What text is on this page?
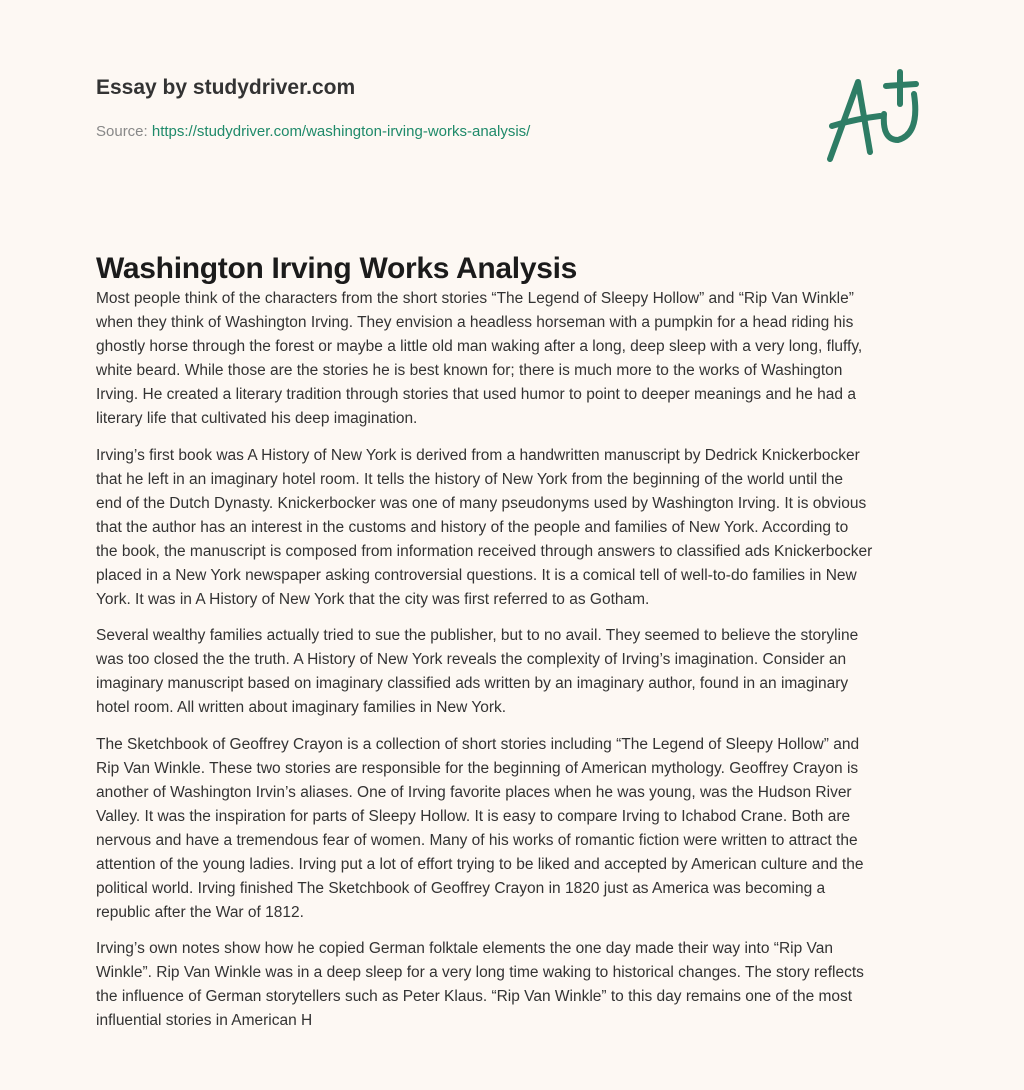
Essay by studydriver.com
Source: https://studydriver.com/washington-irving-works-analysis/
Washington Irving Works Analysis

Most people think of the characters from the short stories “The Legend of Sleepy Hollow” and “Rip Van Winkle”
when they think of Washington Irving. They envision a headless horseman with a pumpkin for a head riding his
ghostly horse through the forest or maybe a little old man waking after a long, deep sleep with a very long, fluffy,
white beard. While those are the stories he is best known for; there is much more to the works of Washington
Irving. He created a literary tradition through stories that used humor to point to deeper meanings and he had a
literary life that cultivated his deep imagination.

Irving’s first book was A History of New York is derived from a handwritten manuscript by Dedrick Knickerbocker
that he left in an imaginary hotel room. It tells the history of New York from the beginning of the world until the
end of the Dutch Dynasty. Knickerbocker was one of many pseudonyms used by Washington Irving. It is obvious
that the author has an interest in the customs and history of the people and families of New York. According to
the book, the manuscript is composed from information received through answers to classified ads Knickerbocker
placed in a New York newspaper asking controversial questions. It is a comical tell of well-to-do families in New
York. It was in A History of New York that the city was first referred to as Gotham.

Several wealthy families actually tried to sue the publisher, but to no avail. They seemed to believe the storyline
was too closed the the truth. A History of New York reveals the complexity of Irving’s imagination. Consider an
imaginary manuscript based on imaginary classified ads written by an imaginary author, found in an imaginary
hotel room. All written about imaginary families in New York.

The Sketchbook of Geoffrey Crayon is a collection of short stories including “The Legend of Sleepy Hollow” and
Rip Van Winkle. These two stories are responsible for the beginning of American mythology. Geoffrey Crayon is
another of Washington Irvin’s aliases. One of Irving favorite places when he was young, was the Hudson River
Valley. It was the inspiration for parts of Sleepy Hollow. It is easy to compare Irving to Ichabod Crane. Both are
nervous and have a tremendous fear of women. Many of his works of romantic fiction were written to attract the
attention of the young ladies. Irving put a lot of effort trying to be liked and accepted by American culture and the
political world. Irving finished The Sketchbook of Geoffrey Crayon in 1820 just as America was becoming a
republic after the War of 1812.

Irving’s own notes show how he copied German folktale elements the one day made their way into “Rip Van
Winkle”. Rip Van Winkle was in a deep sleep for a very long time waking to historical changes. The story reflects
the influence of German storytellers such as Peter Klaus. “Rip Van Winkle” to this day remains one of the most
influential stories in American H
